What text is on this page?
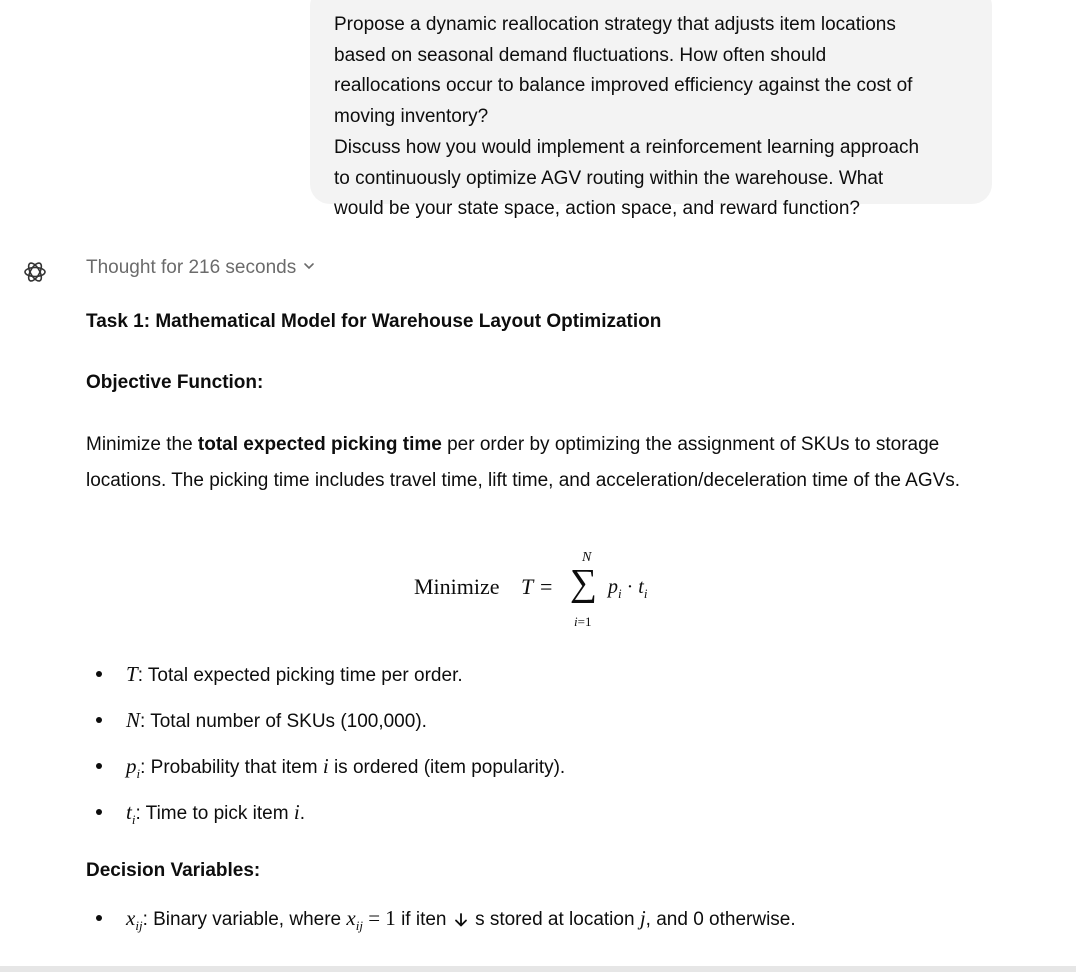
Propose a dynamic reallocation strategy that adjusts item locations

based on seasonal demand fluctuations. How often should

reallocations occur to balance improved efficiency against the cost of

moving inventory?

Discuss how you would implement a reinforcement learning approach

to continuously optimize AGV routing within the warehouse. What

would be your state space, action space, and reward function?

Thought for 216 seconds
Task 1: Mathematical Model for Warehouse Layout Optimization
Objective Function:
Minimize the total expected picking time per order by optimizing the assignment of SKUs to storage locations. The picking time includes travel time, lift time, and acceleration/deceleration time of the AGVs.
Minimize T =
N
∑
i=1
$p_i \cdot t_i$
T: Total expected picking time per order.
N: Total number of SKUs (100,000).
$p_i$: Probability that item i is ordered (item popularity).
$t_i$: Time to pick item i.
Decision Variables:
$x_{ij}$: Binary variable, where $x_{ij} = 1$ if iten s stored at location j, and 0 otherwise.
